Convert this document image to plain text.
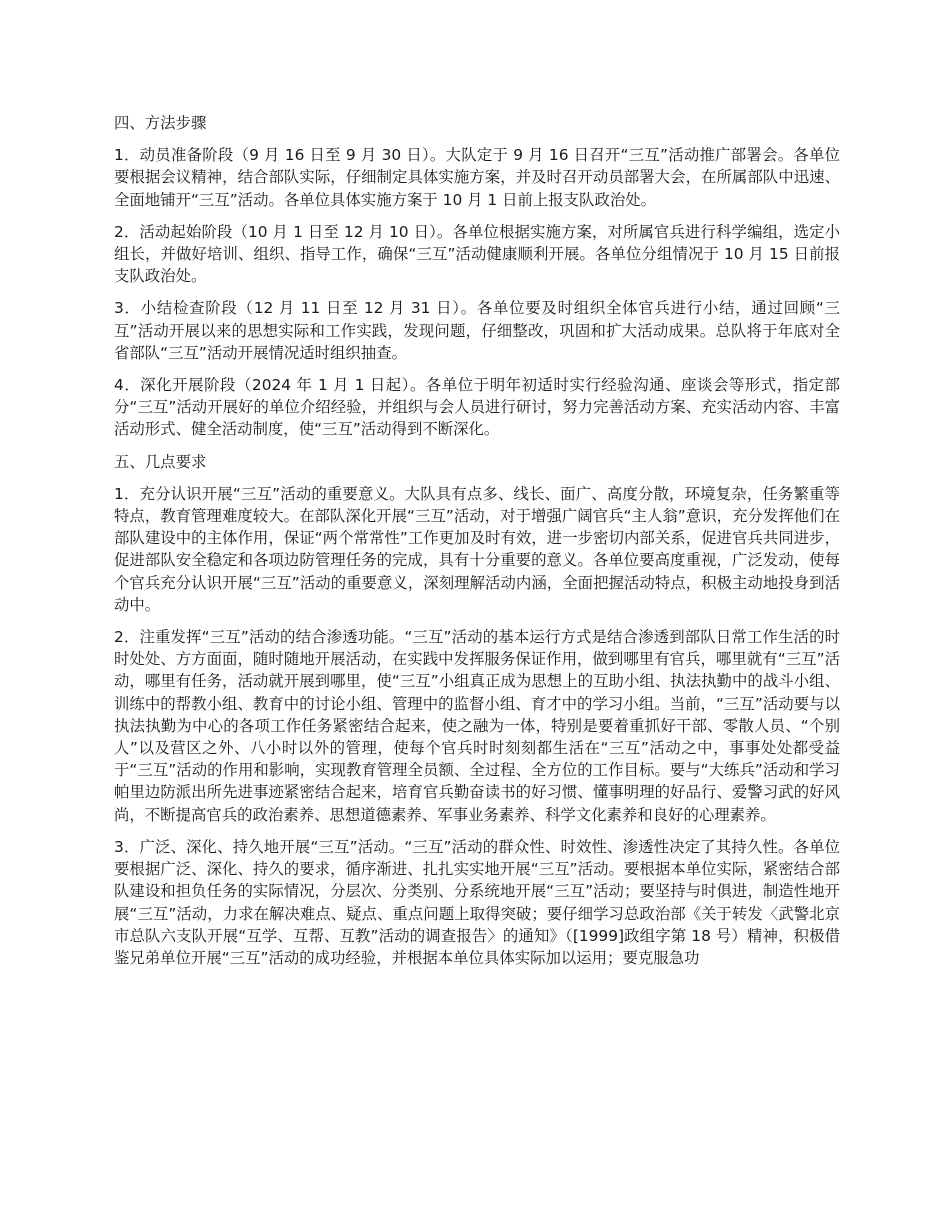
四、方法步骤
1．动员准备阶段（9 月 16 日至 9 月 30 日）。大队定于 9 月 16 日召开“三互”活动推广部署会。各单位要根据会议精神，结合部队实际，仔细制定具体实施方案，并及时召开动员部署大会，在所属部队中迅速、全面地铺开“三互”活动。各单位具体实施方案于 10 月 1 日前上报支队政治处。
2．活动起始阶段（10 月 1 日至 12 月 10 日）。各单位根据实施方案，对所属官兵进行科学编组，选定小组长，并做好培训、组织、指导工作，确保“三互”活动健康顺利开展。各单位分组情况于 10 月 15 日前报支队政治处。
3．小结检查阶段（12 月 11 日至 12 月 31 日）。各单位要及时组织全体官兵进行小结，通过回顾“三互”活动开展以来的思想实际和工作实践，发现问题，仔细整改，巩固和扩大活动成果。总队将于年底对全省部队“三互”活动开展情况适时组织抽查。
4．深化开展阶段（2024 年 1 月 1 日起）。各单位于明年初适时实行经验沟通、座谈会等形式，指定部分“三互”活动开展好的单位介绍经验，并组织与会人员进行研讨，努力完善活动方案、充实活动内容、丰富活动形式、健全活动制度，使“三互”活动得到不断深化。
五、几点要求
1．充分认识开展“三互”活动的重要意义。大队具有点多、线长、面广、高度分散，环境复杂，任务繁重等特点，教育管理难度较大。在部队深化开展“三互”活动，对于增强广阔官兵“主人翁”意识，充分发挥他们在部队建设中的主体作用，保证“两个常常性”工作更加及时有效，进一步密切内部关系，促进官兵共同进步，促进部队安全稳定和各项边防管理任务的完成，具有十分重要的意义。各单位要高度重视，广泛发动，使每个官兵充分认识开展“三互”活动的重要意义，深刻理解活动内涵，全面把握活动特点，积极主动地投身到活动中。
2．注重发挥“三互”活动的结合渗透功能。“三互”活动的基本运行方式是结合渗透到部队日常工作生活的时时处处、方方面面，随时随地开展活动，在实践中发挥服务保证作用，做到哪里有官兵，哪里就有“三互”活动，哪里有任务，活动就开展到哪里，使“三互”小组真正成为思想上的互助小组、执法执勤中的战斗小组、训练中的帮教小组、教育中的讨论小组、管理中的监督小组、育才中的学习小组。当前，“三互”活动要与以执法执勤为中心的各项工作任务紧密结合起来，使之融为一体，特别是要着重抓好干部、零散人员、“个别人”以及营区之外、八小时以外的管理，使每个官兵时时刻刻都生活在“三互”活动之中，事事处处都受益于“三互”活动的作用和影响，实现教育管理全员额、全过程、全方位的工作目标。要与“大练兵”活动和学习帕里边防派出所先进事迹紧密结合起来，培育官兵勤奋读书的好习惯、懂事明理的好品行、爱警习武的好风尚，不断提高官兵的政治素养、思想道德素养、军事业务素养、科学文化素养和良好的心理素养。
3．广泛、深化、持久地开展“三互”活动。“三互”活动的群众性、时效性、渗透性决定了其持久性。各单位要根据广泛、深化、持久的要求，循序渐进、扎扎实实地开展“三互”活动。要根据本单位实际，紧密结合部队建设和担负任务的实际情况，分层次、分类别、分系统地开展“三互”活动；要坚持与时俱进，制造性地开展“三互”活动，力求在解决难点、疑点、重点问题上取得突破；要仔细学习总政治部《关于转发〈武警北京市总队六支队开展“互学、互帮、互教”活动的调查报告〉的通知》（[1999]政组字第 18 号）精神，积极借鉴兄弟单位开展“三互”活动的成功经验，并根据本单位具体实际加以运用；要克服急功
